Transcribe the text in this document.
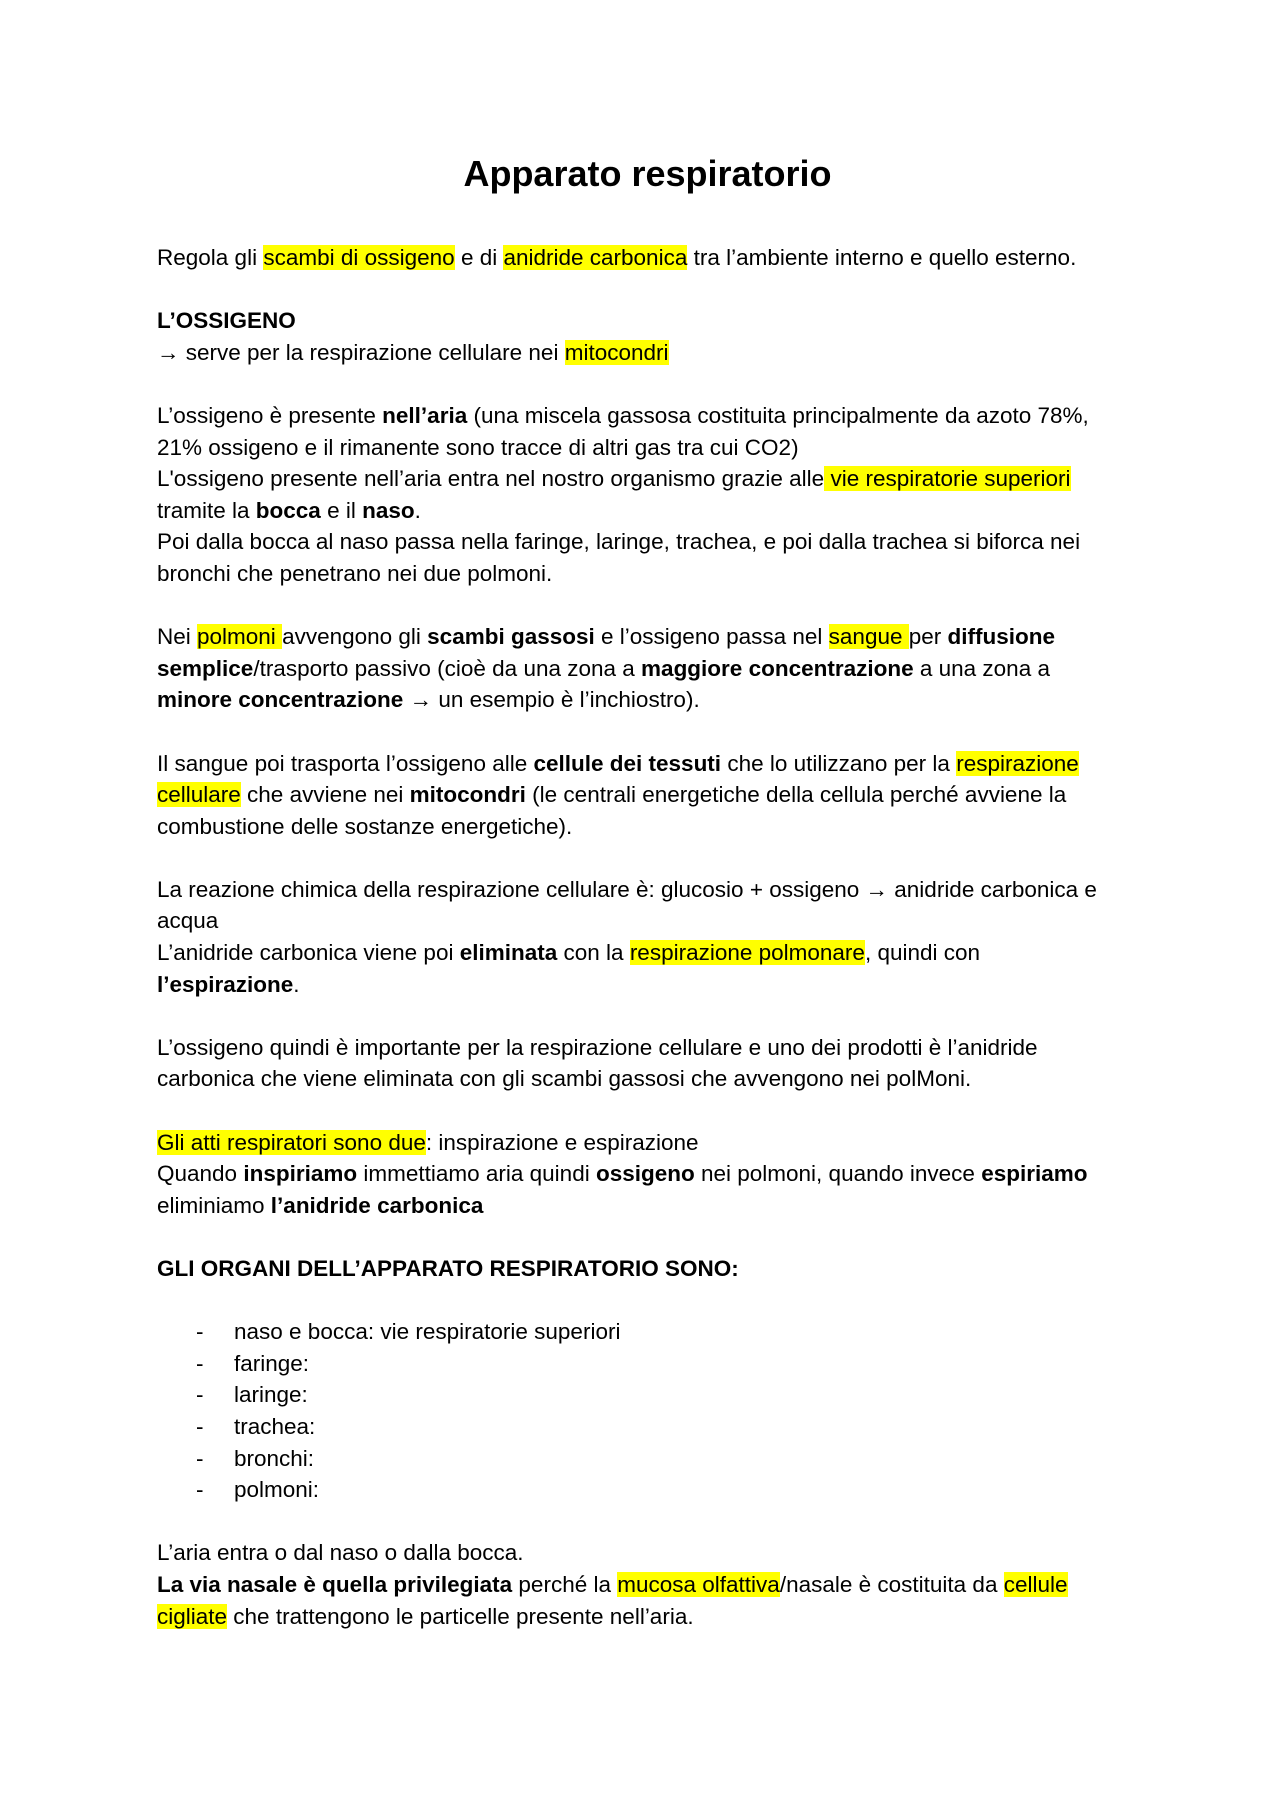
Apparato respiratorio

Regola gli scambi di ossigeno e di anidride carbonica tra l’ambiente interno e quello esterno.

L’OSSIGENO

→ serve per la respirazione cellulare nei mitocondri

L’ossigeno è presente nell’aria (una miscela gassosa costituita principalmente da azoto 78%, 21% ossigeno e il rimanente sono tracce di altri gas tra cui CO2)

L'ossigeno presente nell’aria entra nel nostro organismo grazie alle vie respiratorie superiori tramite la bocca e il naso.

Poi dalla bocca al naso passa nella faringe, laringe, trachea, e poi dalla trachea si biforca nei bronchi che penetrano nei due polmoni.

Nei polmoni avvengono gli scambi gassosi e l’ossigeno passa nel sangue per diffusione semplice/trasporto passivo (cioè da una zona a maggiore concentrazione a una zona a minore concentrazione → un esempio è l’inchiostro).

Il sangue poi trasporta l’ossigeno alle cellule dei tessuti che lo utilizzano per la respirazione cellulare che avviene nei mitocondri (le centrali energetiche della cellula perché avviene la combustione delle sostanze energetiche).

La reazione chimica della respirazione cellulare è: glucosio + ossigeno → anidride carbonica e acqua

L’anidride carbonica viene poi eliminata con la respirazione polmonare, quindi con l’espirazione.

L’ossigeno quindi è importante per la respirazione cellulare e uno dei prodotti è l’anidride carbonica che viene eliminata con gli scambi gassosi che avvengono nei polMoni.

Gli atti respiratori sono due: inspirazione e espirazione

Quando inspiriamo immettiamo aria quindi ossigeno nei polmoni, quando invece espiriamo eliminiamo l’anidride carbonica

GLI ORGANI DELL’APPARATO RESPIRATORIO SONO:

- naso e bocca: vie respiratorie superiori
- faringe:
- laringe:
- trachea:
- bronchi:
- polmoni:

L’aria entra o dal naso o dalla bocca.

La via nasale è quella privilegiata perché la mucosa olfattiva/nasale è costituita da cellule cigliate che trattengono le particelle presente nell’aria.
